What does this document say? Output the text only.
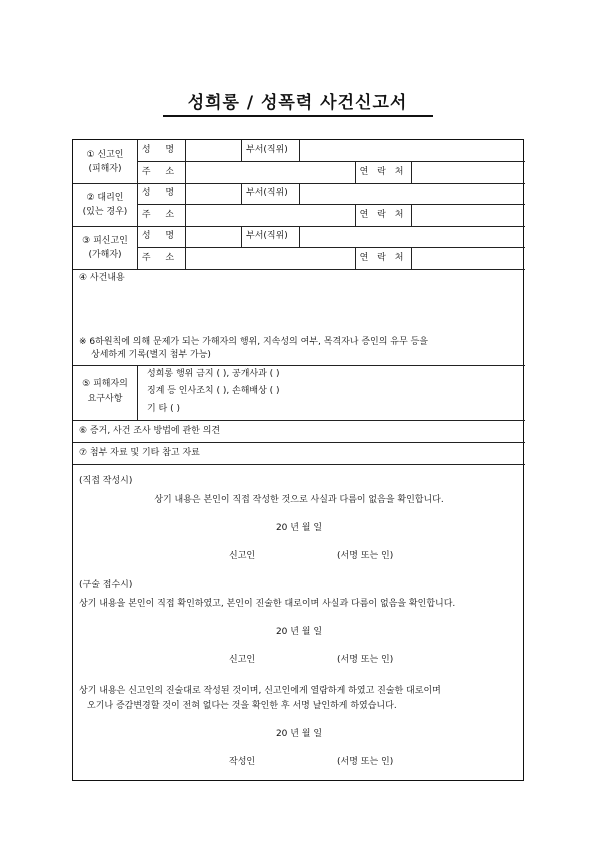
성희롱 / 성폭력 사건신고서
① 신고인
(피해자)
성 명	부서(직위)
주 소	연 락 처
② 대리인
(있는 경우)
성 명	부서(직위)
주 소	연 락 처
③ 피신고인
(가해자)
성 명	부서(직위)
주 소	연 락 처
④ 사건내용
※ 6하원칙에 의해 문제가 되는 가해자의 행위, 지속성의 여부, 목격자나 증인의 유무 등을
상세하게 기록(별지 첨부 가능)
⑤ 피해자의
요구사항
성희롱 행위 금지 ( ), 공개사과 ( )
징계 등 인사조치 ( ), 손해배상 ( )
기 타 ( )
⑥ 증거, 사건 조사 방법에 관한 의견
⑦ 첨부 자료 및 기타 참고 자료
(직접 작성시)
상기 내용은 본인이 직접 작성한 것으로 사실과 다름이 없음을 확인합니다.
20 년 월 일
신고인	(서명 또는 인)
(구술 접수시)
상기 내용을 본인이 직접 확인하였고, 본인이 진술한 대로이며 사실과 다름이 없음을 확인합니다.
20 년 월 일
신고인	(서명 또는 인)
상기 내용은 신고인의 진술대로 작성된 것이며, 신고인에게 열람하게 하였고 진술한 대로이며
오기나 증감변경할 것이 전혀 없다는 것을 확인한 후 서명 날인하게 하였습니다.
20 년 월 일
작성인	(서명 또는 인)
